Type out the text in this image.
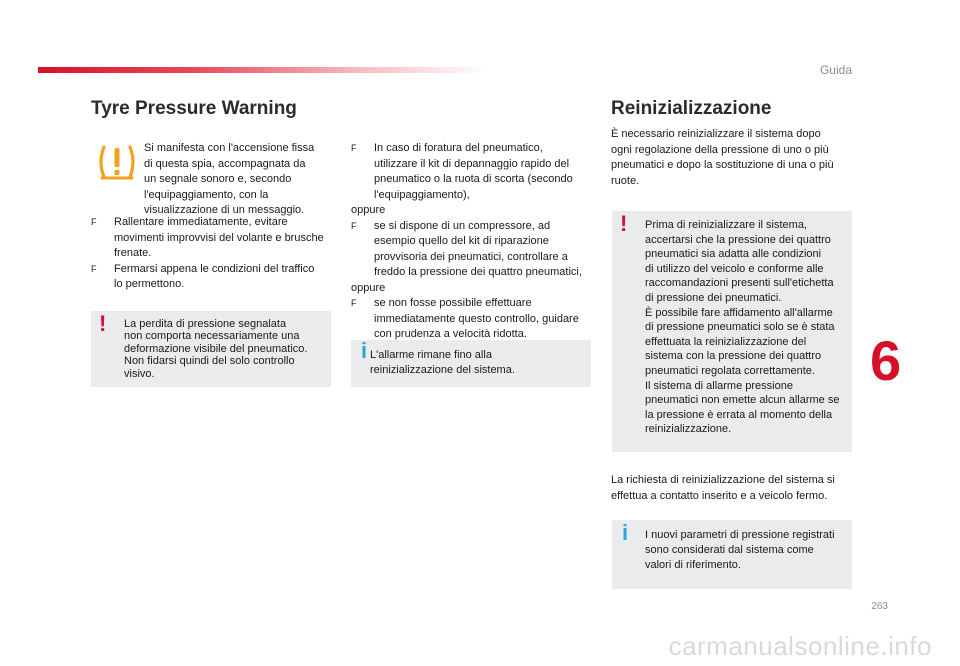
Guida
6
263
Tyre Pressure Warning
Si manifesta con l'accensione fissa
di questa spia, accompagnata da
un segnale sonoro e, secondo
l'equipaggiamento, con la
visualizzazione di un messaggio.
F Rallentare immediatamente, evitare
movimenti improvvisi del volante e brusche
frenate.
F Fermarsi appena le condizioni del traffico
lo permettono.
! La perdita di pressione segnalata
non comporta necessariamente una
deformazione visibile del pneumatico.
Non fidarsi quindi del solo controllo
visivo.
F In caso di foratura del pneumatico,
utilizzare il kit di depannaggio rapido del
pneumatico o la ruota di scorta (secondo
l'equipaggiamento),
oppure
F se si dispone di un compressore, ad
esempio quello del kit di riparazione
provvisoria dei pneumatici, controllare a
freddo la pressione dei quattro pneumatici,
oppure
F se non fosse possibile effettuare
immediatamente questo controllo, guidare
con prudenza a velocità ridotta.
i L'allarme rimane fino alla
reinizializzazione del sistema.
Reinizializzazione
È necessario reinizializzare il sistema dopo
ogni regolazione della pressione di uno o più
pneumatici e dopo la sostituzione di una o più
ruote.
! Prima di reinizializzare il sistema,
accertarsi che la pressione dei quattro
pneumatici sia adatta alle condizioni
di utilizzo del veicolo e conforme alle
raccomandazioni presenti sull'etichetta
di pressione dei pneumatici.
È possibile fare affidamento all'allarme
di pressione pneumatici solo se è stata
effettuata la reinizializzazione del
sistema con la pressione dei quattro
pneumatici regolata correttamente.
Il sistema di allarme pressione
pneumatici non emette alcun allarme se
la pressione è errata al momento della
reinizializzazione.
La richiesta di reinizializzazione del sistema si
effettua a contatto inserito e a veicolo fermo.
i I nuovi parametri di pressione registrati
sono considerati dal sistema come
valori di riferimento.
carmanualsonline.info
